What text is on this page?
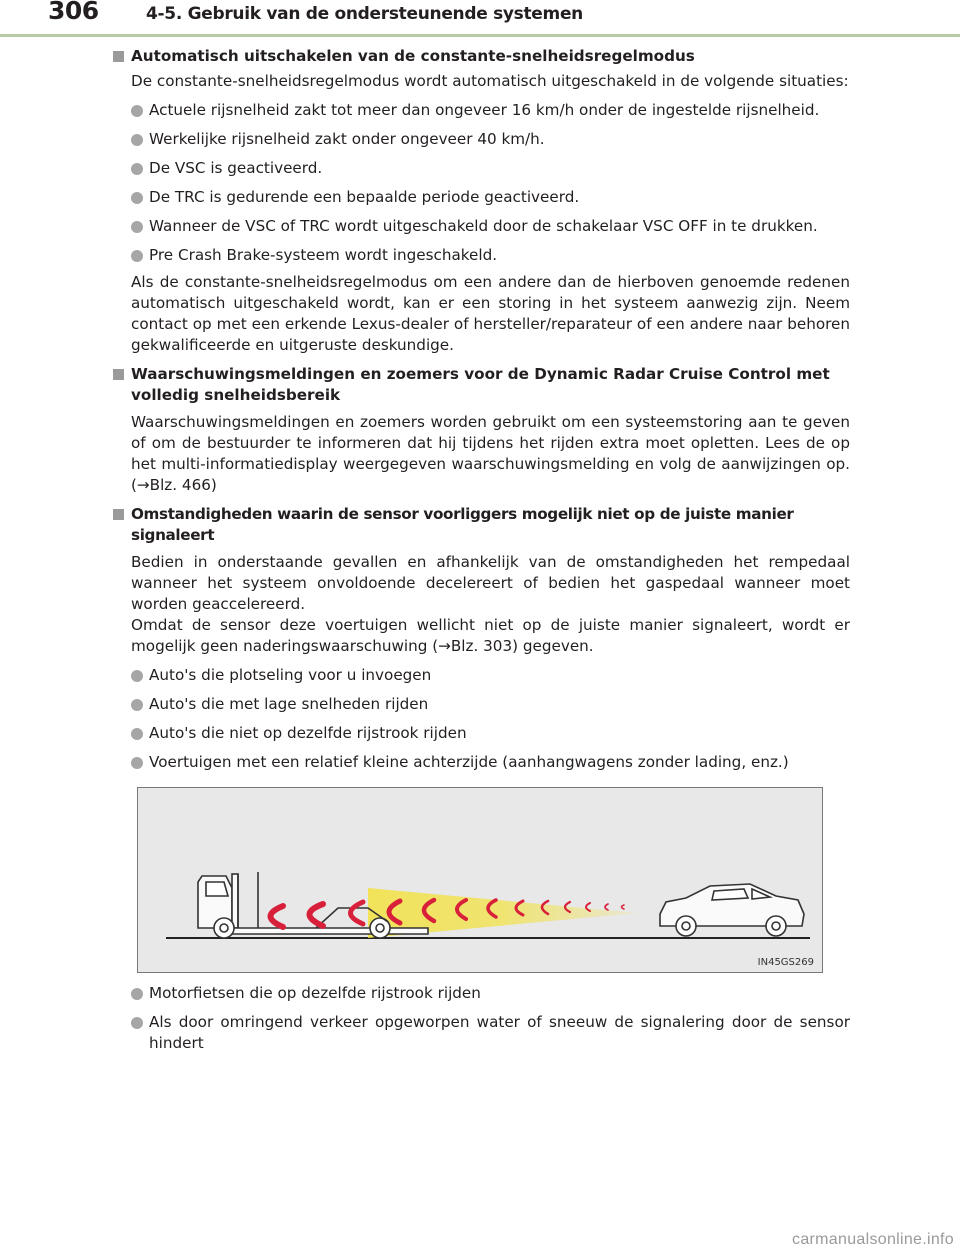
306	4-5. Gebruik van de ondersteunende systemen
Automatisch uitschakelen van de constante-snelheidsregelmodus
De constante-snelheidsregelmodus wordt automatisch uitgeschakeld in de volgende situaties:
Actuele rijsnelheid zakt tot meer dan ongeveer 16 km/h onder de ingestelde rijsnelheid.
Werkelijke rijsnelheid zakt onder ongeveer 40 km/h.
De VSC is geactiveerd.
De TRC is gedurende een bepaalde periode geactiveerd.
Wanneer de VSC of TRC wordt uitgeschakeld door de schakelaar VSC OFF in te drukken.
Pre Crash Brake-systeem wordt ingeschakeld.
Als de constante-snelheidsregelmodus om een andere dan de hierboven genoemde redenen automatisch uitgeschakeld wordt, kan er een storing in het systeem aanwezig zijn. Neem contact op met een erkende Lexus-dealer of hersteller/reparateur of een andere naar behoren gekwalificeerde en uitgeruste deskundige.
Waarschuwingsmeldingen en zoemers voor de Dynamic Radar Cruise Control met volledig snelheidsbereik
Waarschuwingsmeldingen en zoemers worden gebruikt om een systeemstoring aan te geven of om de bestuurder te informeren dat hij tijdens het rijden extra moet opletten. Lees de op het multi-informatiedisplay weergegeven waarschuwingsmelding en volg de aanwijzingen op. (→Blz. 466)
Omstandigheden waarin de sensor voorliggers mogelijk niet op de juiste manier signaleert
Bedien in onderstaande gevallen en afhankelijk van de omstandigheden het rempedaal wanneer het systeem onvoldoende decelereert of bedien het gaspedaal wanneer moet worden geaccelereerd.
Omdat de sensor deze voertuigen wellicht niet op de juiste manier signaleert, wordt er mogelijk geen naderingswaarschuwing (→Blz. 303) gegeven.
Auto's die plotseling voor u invoegen
Auto's die met lage snelheden rijden
Auto's die niet op dezelfde rijstrook rijden
Voertuigen met een relatief kleine achterzijde (aanhangwagens zonder lading, enz.)
IN45GS269
Motorfietsen die op dezelfde rijstrook rijden
Als door omringend verkeer opgeworpen water of sneeuw de signalering door de sensor hindert
carmanualsonline.info
